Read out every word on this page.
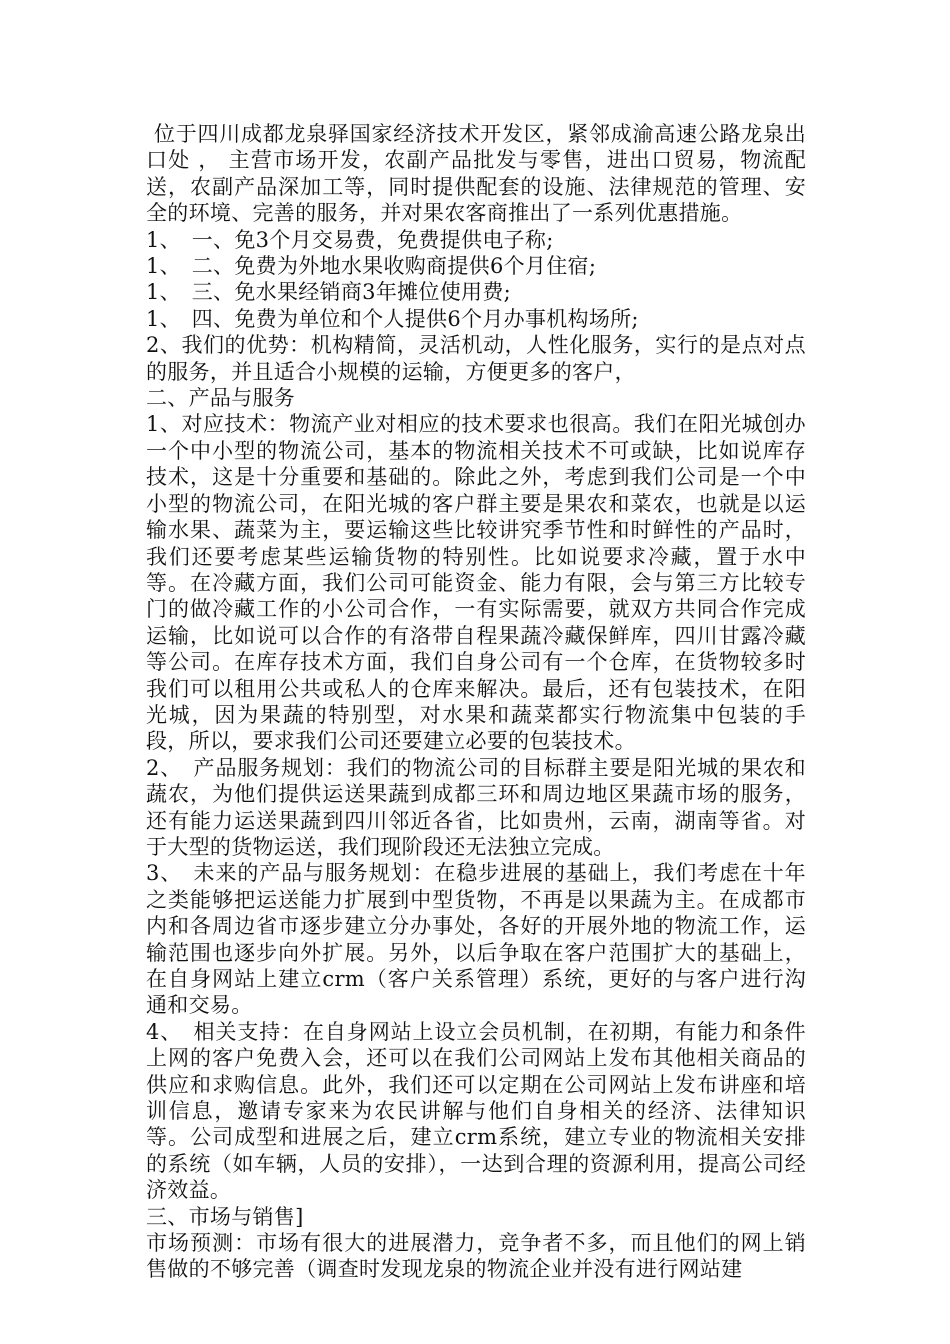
位于四川成都龙泉驿国家经济技术开发区，紧邻成渝高速公路龙泉出口处 ， 主营市场开发，农副产品批发与零售，进出口贸易，物流配送，农副产品深加工等，同时提供配套的设施、法律规范的管理、安全的环境、完善的服务，并对果农客商推出了一系列优惠措施。

1、　一、免3个月交易费，免费提供电子称;

1、　二、免费为外地水果收购商提供6个月住宿;

1、　三、免水果经销商3年摊位使用费;

1、　四、免费为单位和个人提供6个月办事机构场所;

2、我们的优势：机构精简，灵活机动，人性化服务，实行的是点对点的服务，并且适合小规模的运输，方便更多的客户，

二、产品与服务

1、对应技术：物流产业对相应的技术要求也很高。我们在阳光城创办一个中小型的物流公司，基本的物流相关技术不可或缺，比如说库存技术，这是十分重要和基础的。除此之外，考虑到我们公司是一个中小型的物流公司，在阳光城的客户群主要是果农和菜农，也就是以运输水果、蔬菜为主，要运输这些比较讲究季节性和时鲜性的产品时，我们还要考虑某些运输货物的特别性。比如说要求冷藏，置于水中等。在冷藏方面，我们公司可能资金、能力有限，会与第三方比较专门的做冷藏工作的小公司合作，一有实际需要，就双方共同合作完成运输，比如说可以合作的有洛带自程果蔬冷藏保鲜库，四川甘露冷藏等公司。在库存技术方面，我们自身公司有一个仓库，在货物较多时我们可以租用公共或私人的仓库来解决。最后，还有包装技术，在阳光城，因为果蔬的特别型，对水果和蔬菜都实行物流集中包装的手段，所以，要求我们公司还要建立必要的包装技术。

2、　产品服务规划：我们的物流公司的目标群主要是阳光城的果农和蔬农，为他们提供运送果蔬到成都三环和周边地区果蔬市场的服务，还有能力运送果蔬到四川邻近各省，比如贵州，云南，湖南等省。对于大型的货物运送，我们现阶段还无法独立完成。

3、　未来的产品与服务规划：在稳步进展的基础上，我们考虑在十年之类能够把运送能力扩展到中型货物，不再是以果蔬为主。在成都市内和各周边省市逐步建立分办事处，各好的开展外地的物流工作，运输范围也逐步向外扩展。另外，以后争取在客户范围扩大的基础上，在自身网站上建立crm（客户关系管理）系统，更好的与客户进行沟通和交易。

4、　相关支持：在自身网站上设立会员机制，在初期，有能力和条件上网的客户免费入会，还可以在我们公司网站上发布其他相关商品的供应和求购信息。此外，我们还可以定期在公司网站上发布讲座和培训信息，邀请专家来为农民讲解与他们自身相关的经济、法律知识等。公司成型和进展之后，建立crm系统，建立专业的物流相关安排的系统（如车辆，人员的安排），一达到合理的资源利用，提高公司经济效益。

三、市场与销售]

市场预测：市场有很大的进展潜力，竞争者不多，而且他们的网上销售做的不够完善（调查时发现龙泉的物流企业并没有进行网站建
